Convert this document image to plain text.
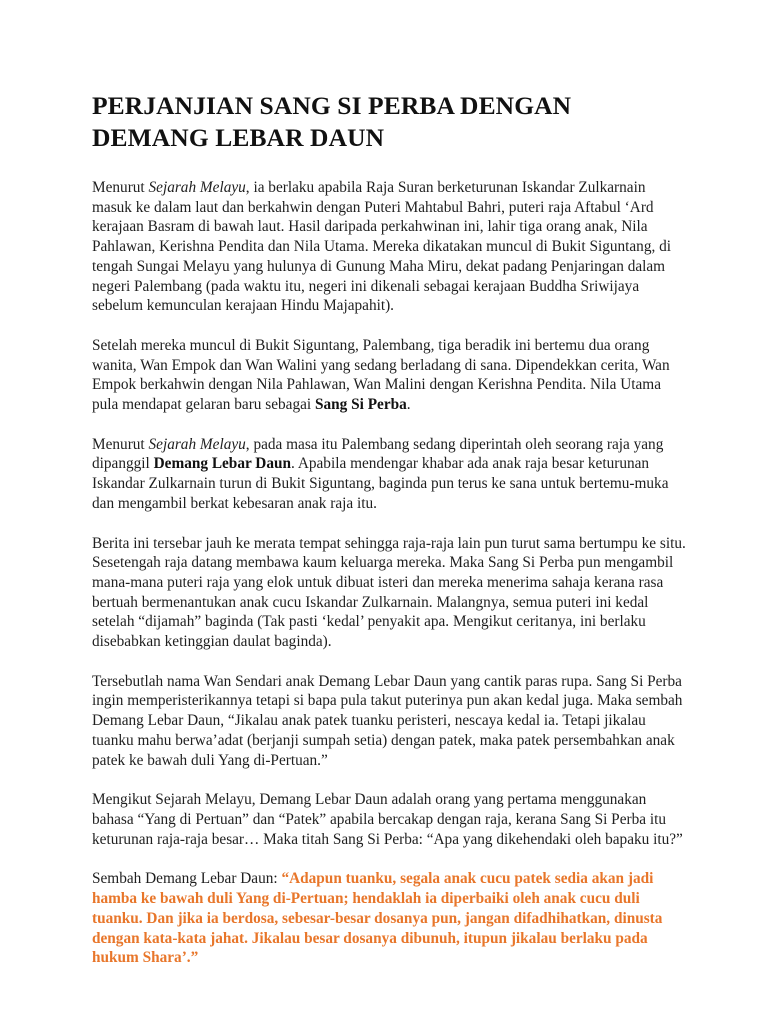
PERJANJIAN SANG SI PERBA DENGAN DEMANG LEBAR DAUN

Menurut Sejarah Melayu, ia berlaku apabila Raja Suran berketurunan Iskandar Zulkarnain masuk ke dalam laut dan berkahwin dengan Puteri Mahtabul Bahri, puteri raja Aftabul ‘Ard kerajaan Basram di bawah laut. Hasil daripada perkahwinan ini, lahir tiga orang anak, Nila Pahlawan, Kerishna Pendita dan Nila Utama. Mereka dikatakan muncul di Bukit Siguntang, di tengah Sungai Melayu yang hulunya di Gunung Maha Miru, dekat padang Penjaringan dalam negeri Palembang (pada waktu itu, negeri ini dikenali sebagai kerajaan Buddha Sriwijaya sebelum kemunculan kerajaan Hindu Majapahit).

Setelah mereka muncul di Bukit Siguntang, Palembang, tiga beradik ini bertemu dua orang wanita, Wan Empok dan Wan Walini yang sedang berladang di sana. Dipendekkan cerita, Wan Empok berkahwin dengan Nila Pahlawan, Wan Malini dengan Kerishna Pendita. Nila Utama pula mendapat gelaran baru sebagai Sang Si Perba.

Menurut Sejarah Melayu, pada masa itu Palembang sedang diperintah oleh seorang raja yang dipanggil Demang Lebar Daun. Apabila mendengar khabar ada anak raja besar keturunan Iskandar Zulkarnain turun di Bukit Siguntang, baginda pun terus ke sana untuk bertemu-muka dan mengambil berkat kebesaran anak raja itu.

Berita ini tersebar jauh ke merata tempat sehingga raja-raja lain pun turut sama bertumpu ke situ. Sesetengah raja datang membawa kaum keluarga mereka. Maka Sang Si Perba pun mengambil mana-mana puteri raja yang elok untuk dibuat isteri dan mereka menerima sahaja kerana rasa bertuah bermenantukan anak cucu Iskandar Zulkarnain. Malangnya, semua puteri ini kedal setelah “dijamah” baginda (Tak pasti ‘kedal’ penyakit apa. Mengikut ceritanya, ini berlaku disebabkan ketinggian daulat baginda).

Tersebutlah nama Wan Sendari anak Demang Lebar Daun yang cantik paras rupa. Sang Si Perba ingin memperisterikannya tetapi si bapa pula takut puterinya pun akan kedal juga. Maka sembah Demang Lebar Daun, “Jikalau anak patek tuanku peristeri, nescaya kedal ia. Tetapi jikalau tuanku mahu berwa’adat (berjanji sumpah setia) dengan patek, maka patek persembahkan anak patek ke bawah duli Yang di-Pertuan.”

Mengikut Sejarah Melayu, Demang Lebar Daun adalah orang yang pertama menggunakan bahasa “Yang di Pertuan” dan “Patek” apabila bercakap dengan raja, kerana Sang Si Perba itu keturunan raja-raja besar… Maka titah Sang Si Perba: “Apa yang dikehendaki oleh bapaku itu?”

Sembah Demang Lebar Daun: “Adapun tuanku, segala anak cucu patek sedia akan jadi hamba ke bawah duli Yang di-Pertuan; hendaklah ia diperbaiki oleh anak cucu duli tuanku. Dan jika ia berdosa, sebesar-besar dosanya pun, jangan difadhihatkan, dinusta dengan kata-kata jahat. Jikalau besar dosanya dibunuh, itupun jikalau berlaku pada hukum Shara’.”
